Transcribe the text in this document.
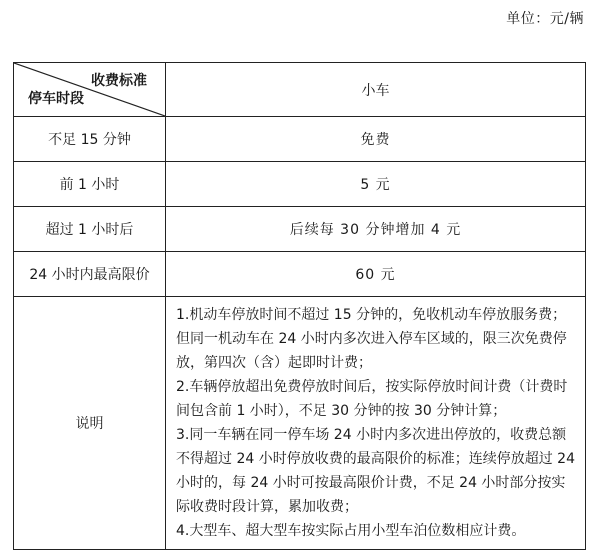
单位：元/辆
收费标准
停车时段	小车
不足 15 分钟	免费
前 1 小时	5 元
超过 1 小时后	后续每 30 分钟增加 4 元
24 小时内最高限价	60 元
说明	1.机动车停放时间不超过 15 分钟的，免收机动车停放服务费；但同一机动车在 24 小时内多次进入停车区域的，限三次免费停放，第四次（含）起即时计费；

2.车辆停放超出免费停放时间后，按实际停放时间计费（计费时间包含前 1 小时），不足 30 分钟的按 30 分钟计算；

3.同一车辆在同一停车场 24 小时内多次进出停放的，收费总额不得超过 24 小时停放收费的最高限价的标准；连续停放超过 24 小时的，每 24 小时可按最高限价计费，不足 24 小时部分按实际收费时段计算，累加收费；

4.大型车、超大型车按实际占用小型车泊位数相应计费。
